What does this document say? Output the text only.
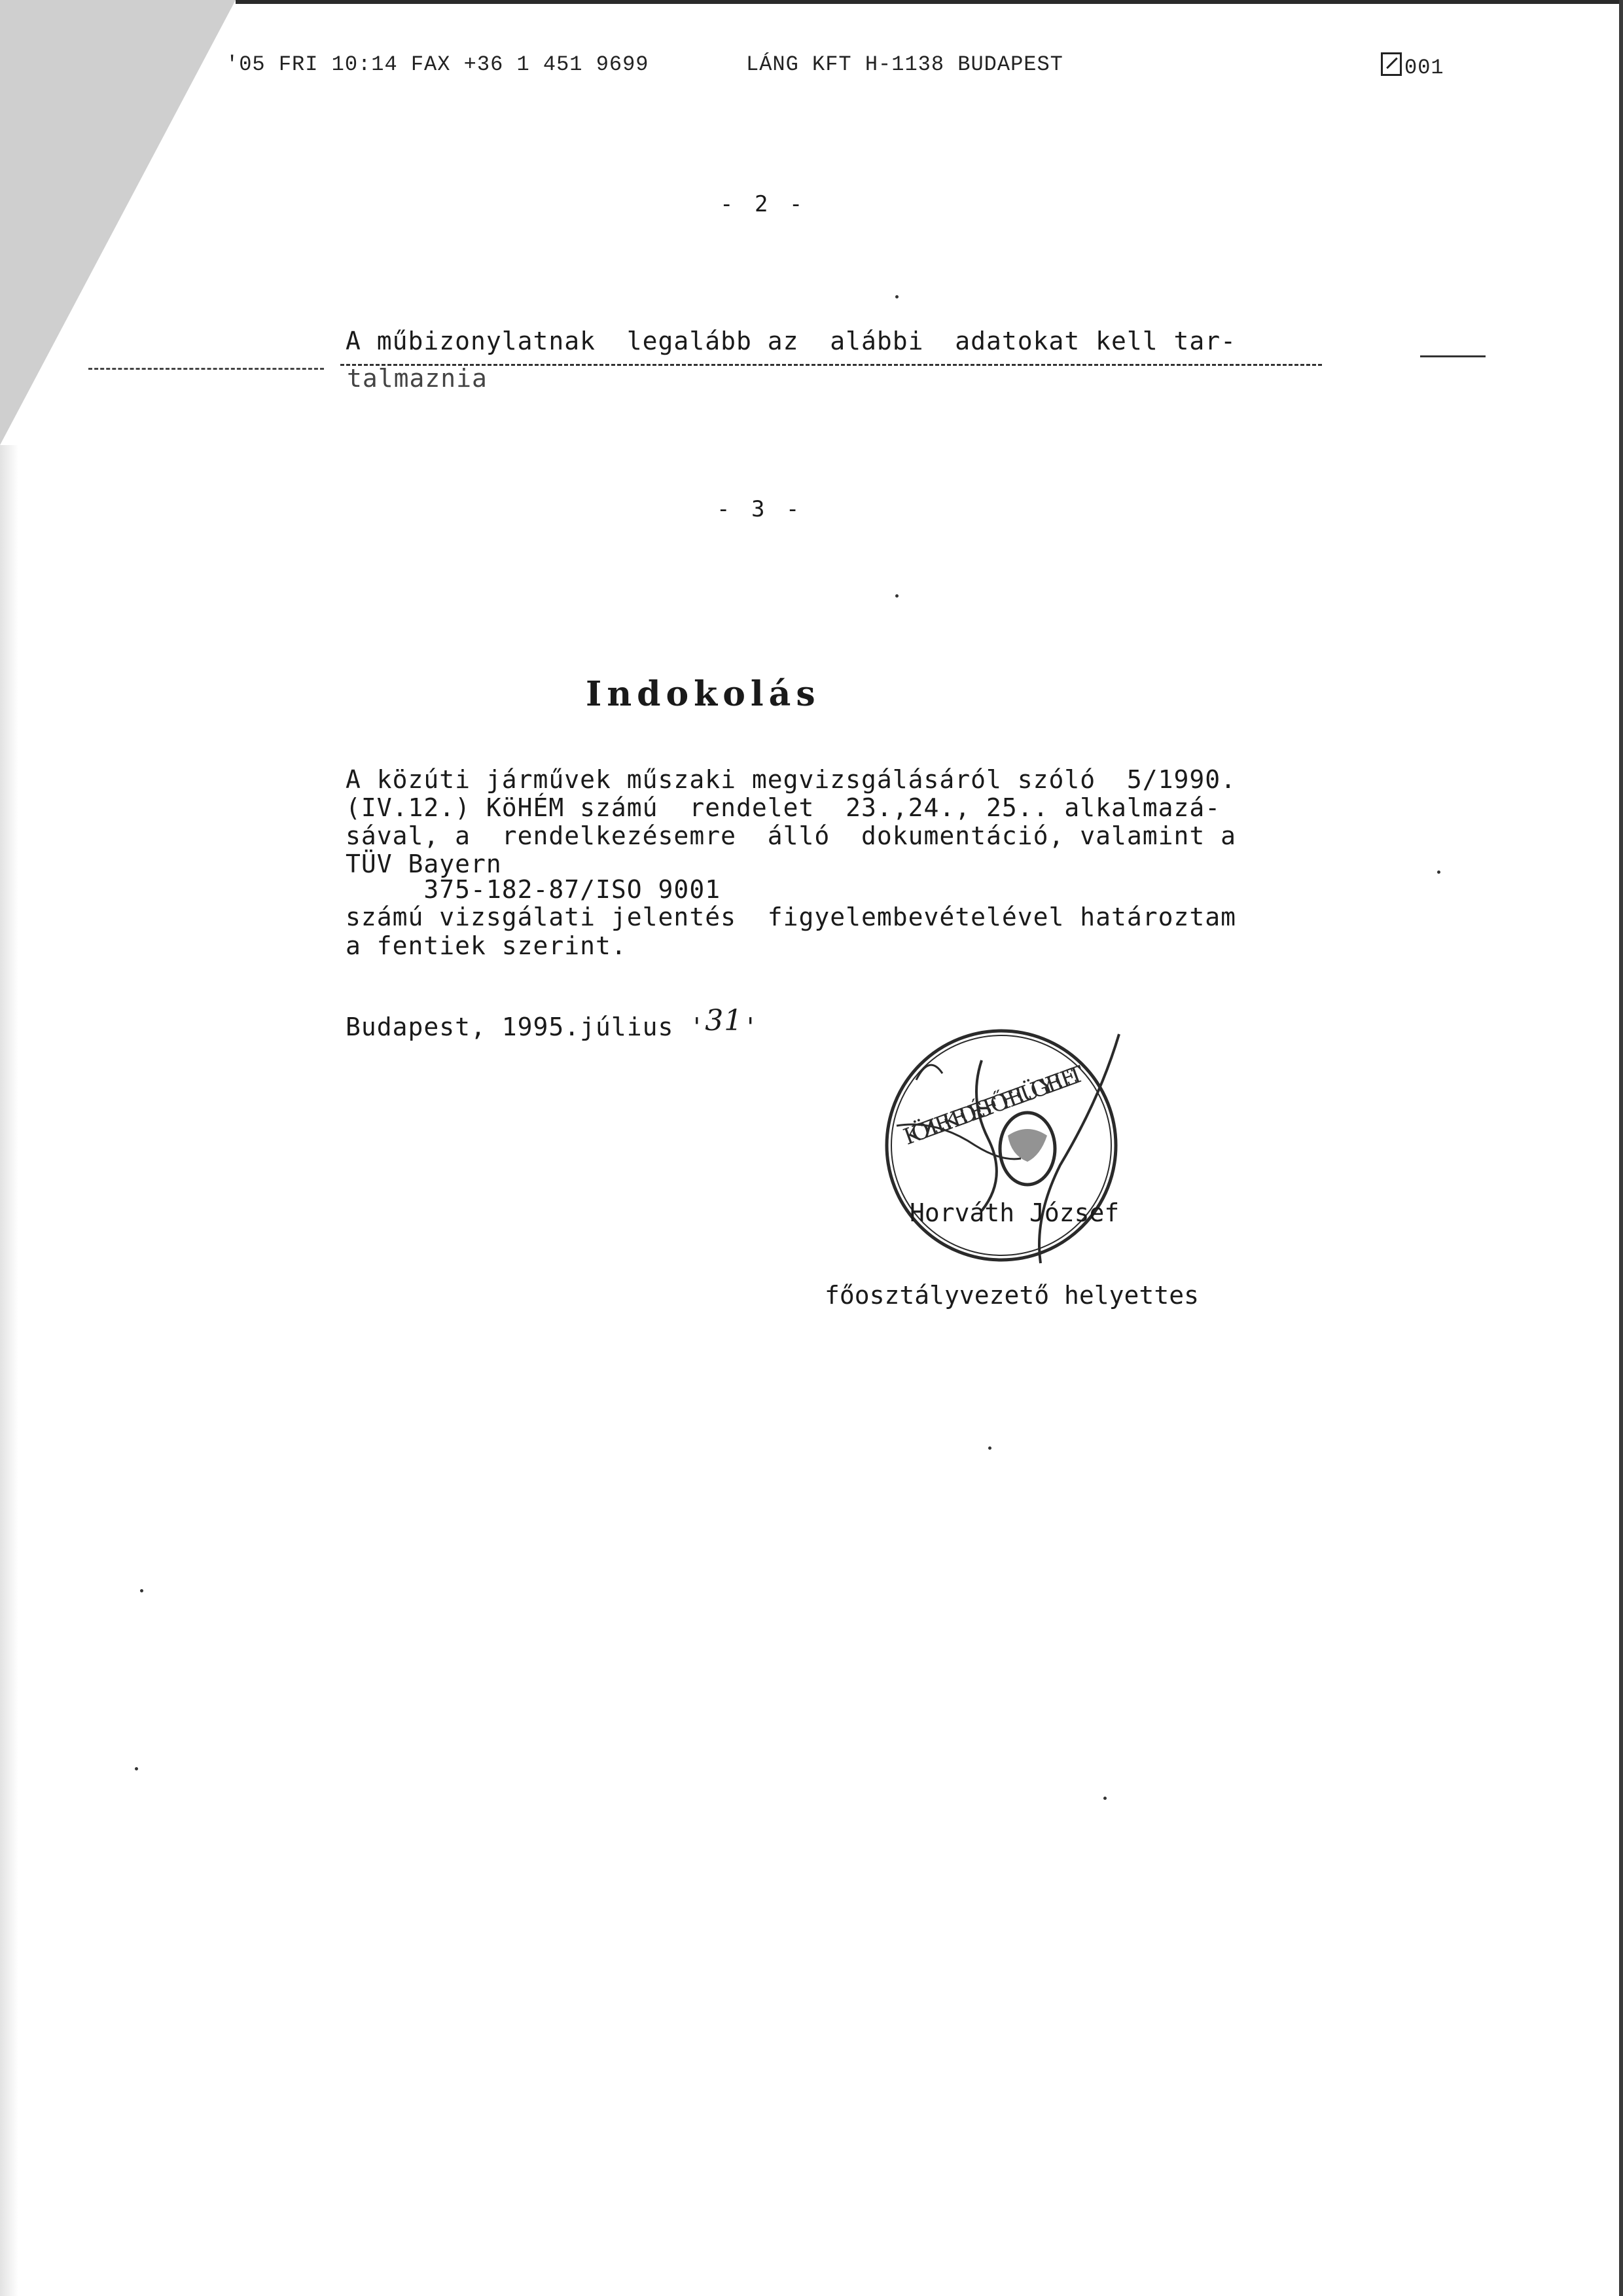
'05 FRI 10:14 FAX +36 1 451 9699	LÁNG KFT H-1138 BUDAPEST	001
- 2 -
A műbizonylatnak  legalább az  alábbi  adatokat kell tar-
talmaznia
- 3 -
Indokolás
A közúti járművek műszaki megvizsgálásáról szóló  5/1990.
(IV.12.) KöHÉM számú  rendelet  23.,24., 25.. alkalmazá-
sával, a  rendelkezésemre  álló  dokumentáció, valamint a
TÜV Bayern
375-182-87/ISO 9001
számú vizsgálati jelentés  figyelembevételével határoztam
a fentiek szerint.
Budapest, 1995.július '31'
KÖZLEKEDÉSI FŐFELÜGYELET

Horváth József

főosztályvezető helyettes
